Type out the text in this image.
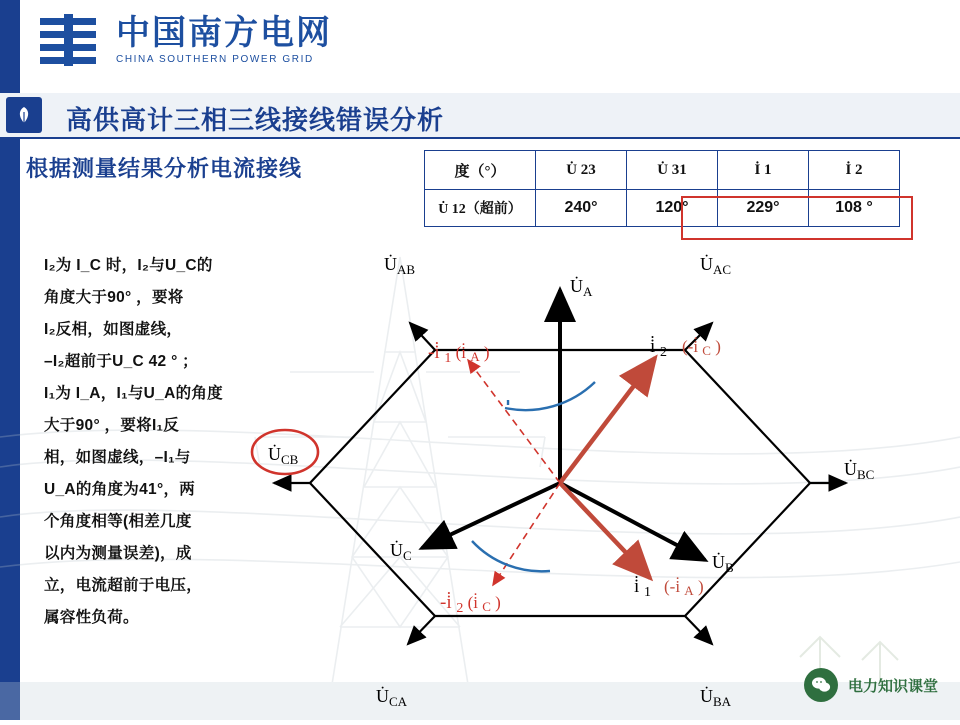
中国南方电网
CHINA SOUTHERN POWER GRID
高供高计三相三线接线错误分析
根据测量结果分析电流接线	度（°）	U̇ 23	U̇ 31	İ 1	İ 2
U̇ 12（超前）	240°	120°	229°	108 °
I₂为 I_C 时，I₂与U_C的
角度大于90° ，要将
I₂反相，如图虚线，
–I₂超前于U_C 42 ° ；
I₁为 I_A，I₁与U_A的角度
大于90° ，要将I₁反
相，如图虚线，–I₁与
U_A的角度为41°，两
个角度相等(相差几度
以内为测量误差)，成
立，电流超前于电压，
属容性负荷。
$U̇_{AB}$	$U̇_{AC}$
$U̇_{BC}$
$U̇_{BA}$
$U̇_{CA}$
$U̇_{CB}$
$U̇_A$
$U̇_B$
$U̇_C$
i̇ $_2$ (-i̇ C )
i̇ $_1$ (-i̇ A )
-i̇ $_1$ (i̇ A )
-i̇ $_2$ (i̇ C )
电力知识课堂
